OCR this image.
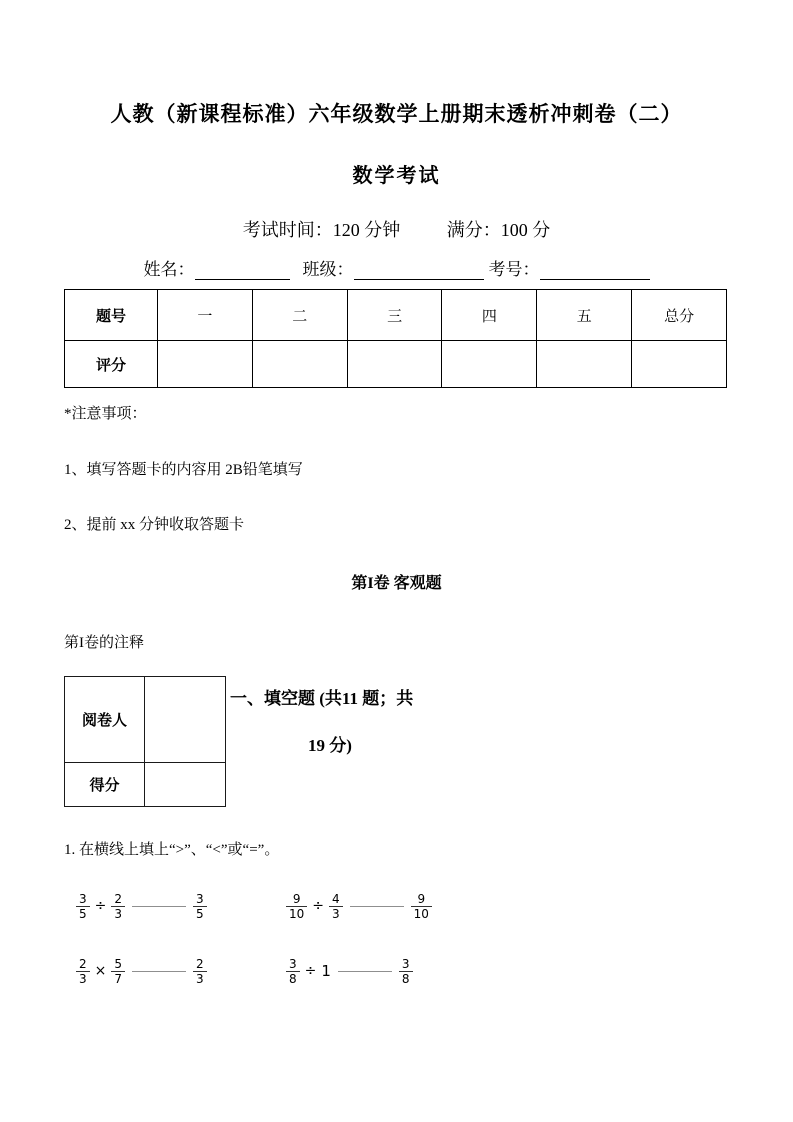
人教（新课程标准）六年级数学上册期末透析冲刺卷（二）
数学考试
考试时间：120 分钟	满分：100 分
姓名：	班级：	考号：
题号	一	二	三	四	五	总分
评分						
*注意事项：
1、填写答题卡的内容用 2B铅笔填写
2、提前 xx 分钟收取答题卡
第I卷 客观题
第I卷的注释
阅卷人
得分
一、填空题 (共11 题；共
19 分)
1. 在横线上填上“>”、“<”或“=”。
$\frac{3}{5} \div \frac{2}{3}$	$\frac{3}{5}$	$\frac{9}{10} \div \frac{4}{3}$	$\frac{9}{10}$
$\frac{2}{3} \times \frac{5}{7}$	$\frac{2}{3}$	$\frac{3}{8} \div 1$	$\frac{3}{8}$
